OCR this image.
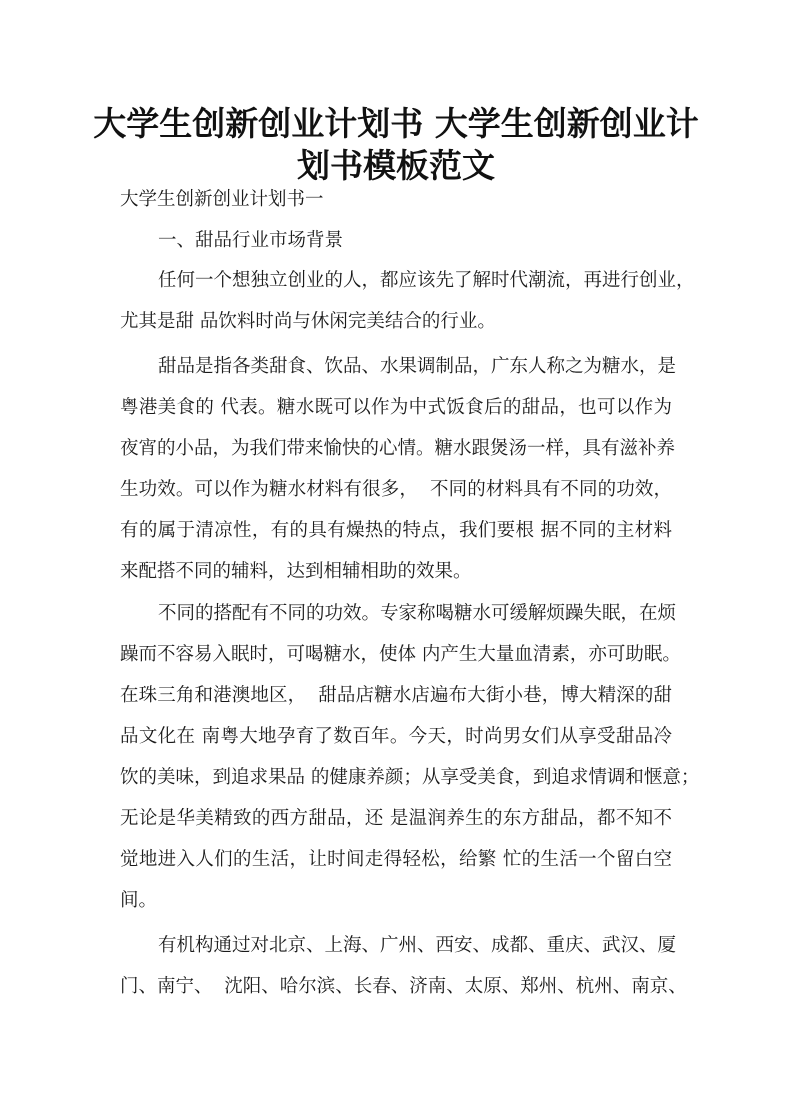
大学生创新创业计划书 大学生创新创业计
划书模板范文
大学生创新创业计划书一
一、甜品行业市场背景
任何一个想独立创业的人，都应该先了解时代潮流，再进行创业，
尤其是甜 品饮料时尚与休闲完美结合的行业。
甜品是指各类甜食、饮品、水果调制品，广东人称之为糖水，是
粤港美食的 代表。糖水既可以作为中式饭食后的甜品，也可以作为
夜宵的小品，为我们带来愉快的心情。糖水跟煲汤一样，具有滋补养
生功效。可以作为糖水材料有很多，  不同的材料具有不同的功效，
有的属于清凉性，有的具有燥热的特点，我们要根 据不同的主材料
来配搭不同的辅料，达到相辅相助的效果。
不同的搭配有不同的功效。专家称喝糖水可缓解烦躁失眠，在烦
躁而不容易入眠时，可喝糖水，使体 内产生大量血清素，亦可助眠。
在珠三角和港澳地区，  甜品店糖水店遍布大街小巷，博大精深的甜
品文化在 南粤大地孕育了数百年。今天，时尚男女们从享受甜品冷
饮的美味，到追求果品 的健康养颜；从享受美食，到追求情调和惬意；
无论是华美精致的西方甜品，还 是温润养生的东方甜品，都不知不
觉地进入人们的生活，让时间走得轻松，给繁 忙的生活一个留白空
间。
有机构通过对北京、上海、广州、西安、成都、重庆、武汉、厦
门、南宁、  沈阳、哈尔滨、长春、济南、太原、郑州、杭州、南京、
